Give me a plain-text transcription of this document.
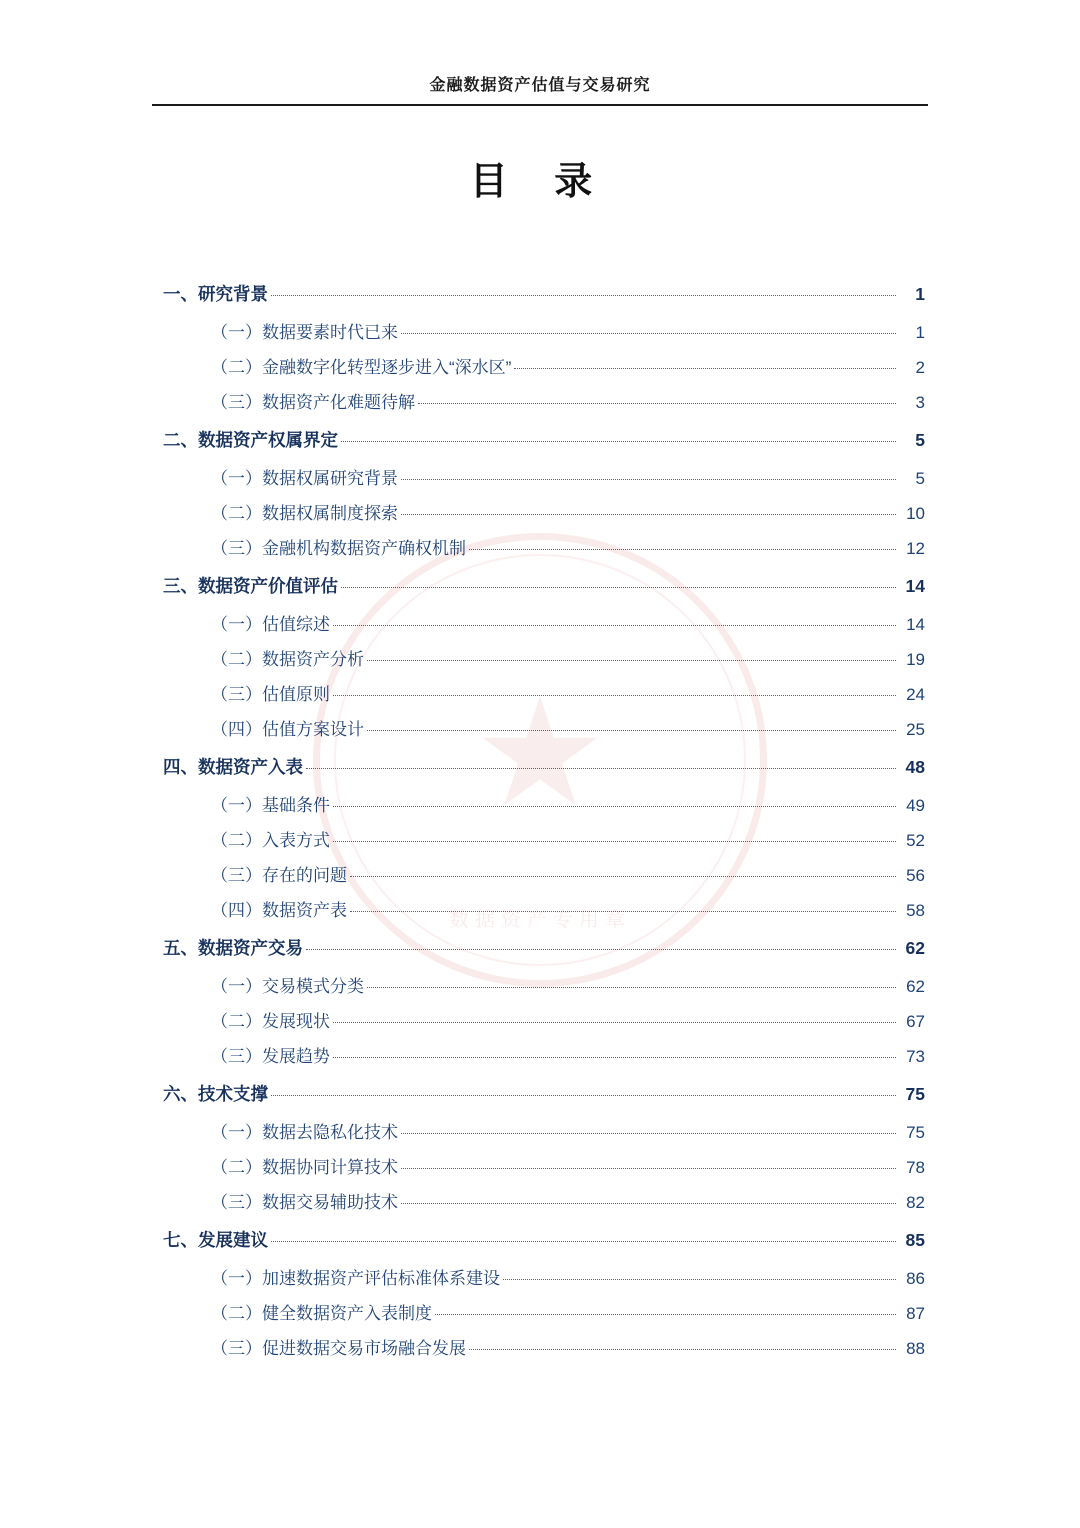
★
数据资产专用章
金融数据资产估值与交易研究
目 录
一、研究背景	1
（一）数据要素时代已来	1
（二）金融数字化转型逐步进入“深水区”	2
（三）数据资产化难题待解	3
二、数据资产权属界定	5
（一）数据权属研究背景	5
（二）数据权属制度探索	10
（三）金融机构数据资产确权机制	12
三、数据资产价值评估	14
（一）估值综述	14
（二）数据资产分析	19
（三）估值原则	24
（四）估值方案设计	25
四、数据资产入表	48
（一）基础条件	49
（二）入表方式	52
（三）存在的问题	56
（四）数据资产表	58
五、数据资产交易	62
（一）交易模式分类	62
（二）发展现状	67
（三）发展趋势	73
六、技术支撑	75
（一）数据去隐私化技术	75
（二）数据协同计算技术	78
（三）数据交易辅助技术	82
七、发展建议	85
（一）加速数据资产评估标准体系建设	86
（二）健全数据资产入表制度	87
（三）促进数据交易市场融合发展	88
